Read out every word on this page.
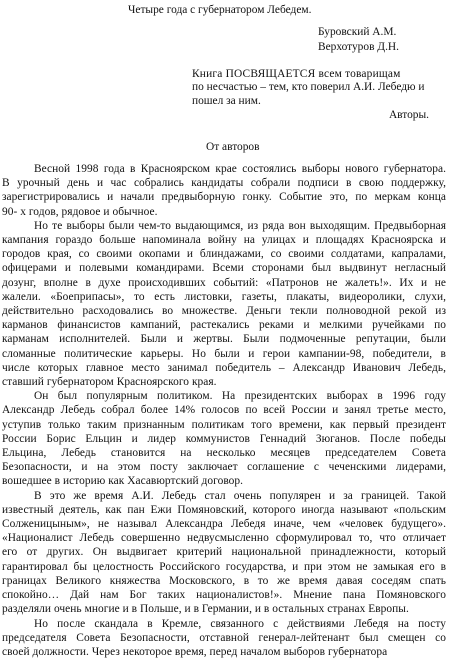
Четыре года с губернатором Лебедем.
Буровский А.М.
Верхотуров Д.Н.
Книга ПОСВЯЩАЕТСЯ всем товарищам
по несчастью – тем, кто поверил А.И. Лебедю и
пошел за ним.
Авторы.
От авторов
Весной 1998 года в Красноярском крае состоялись выборы нового губернатора.
В урочный день и час собрались кандидаты собрали подписи в свою поддержку,
зарегистрировались и начали предвыборную гонку. Событие это, по меркам конца
90- х годов, рядовое и обычное.
Но те выборы были чем-то выдающимся, из ряда вон выходящим. Предвыборная
кампания гораздо больше напоминала войну на улицах и площадях Красноярска и
городов края, со своими окопами и блиндажами, со своими солдатами, капралами,
офицерами и полевыми командирами. Всеми сторонами был выдвинут негласный
дозунг, вполне в духе происходивших событий: «Патронов не жалеть!». Их и не
жалели. «Боеприпасы», то есть листовки, газеты, плакаты, видеоролики, слухи,
действительно расходовались во множестве. Деньги текли полноводной рекой из
карманов финансистов кампаний, растекались реками и мелкими ручейками по
карманам исполнителей. Были и жертвы. Были подмоченные репутации, были
сломанные политические карьеры. Но были и герои кампании-98, победители, в
числе которых главное место занимал победитель – Александр Иванович Лебедь,
ставший губернатором Красноярского края.
Он был популярным политиком. На президентских выборах в 1996 году
Александр Лебедь собрал более 14% голосов по всей России и занял третье место,
уступив только таким признанным политикам того времени, как первый президент
России Борис Ельцин и лидер коммунистов Геннадий Зюганов. После победы
Ельцина, Лебедь становится на несколько месяцев председателем Совета
Безопасности, и на этом посту заключает соглашение с чеченскими лидерами,
вошедшее в историю как Хасавюртский договор.
В это же время А.И. Лебедь стал очень популярен и за границей. Такой
известный деятель, как пан Ежи Помяновский, которого иногда называют «польским
Солженицыным», не называл Александра Лебедя иначе, чем «человек будущего».
«Националист Лебедь совершенно недвусмысленно сформулировал то, что отличает
его от других. Он выдвигает критерий национальной принадлежности, который
гарантировал бы целостность Российского государства, и при этом не замыкая его в
границах Великого княжества Московского, в то же время давая соседям спать
спокойно… Дай нам Бог таких националистов!». Мнение пана Помяновского
разделяли очень многие и в Польше, и в Германии, и в остальных странах Европы.
Но после скандала в Кремле, связанного с действиями Лебедя на посту
председателя Совета Безопасности, отставной генерал-лейтенант был смещен со
своей должности. Через некоторое время, перед началом выборов губернатора
